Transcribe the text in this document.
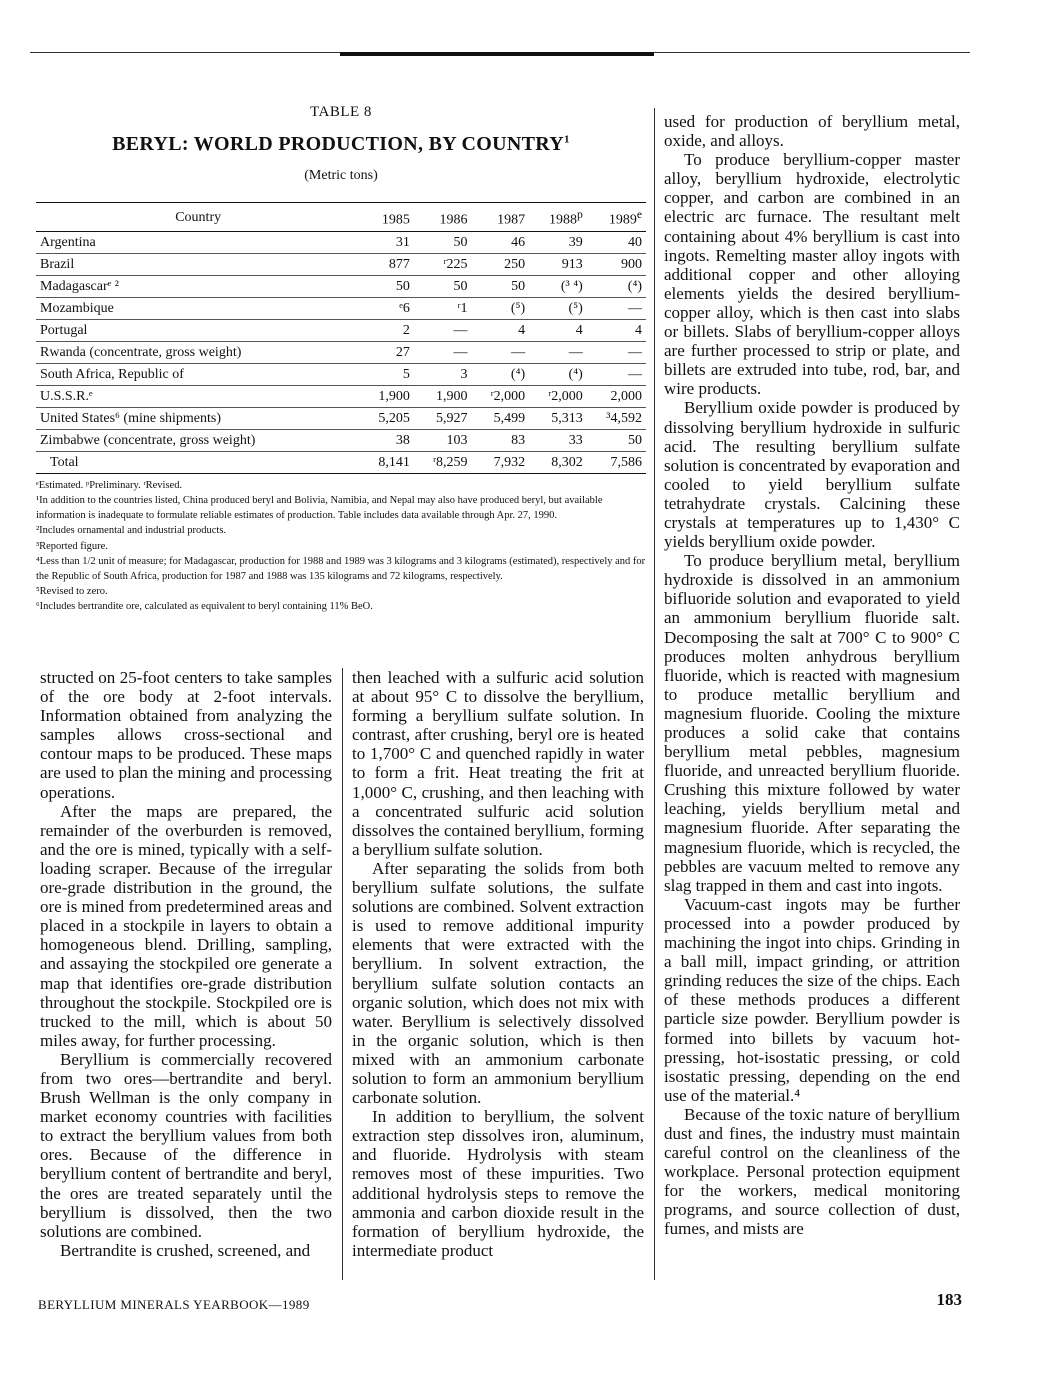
TABLE 8
BERYL: WORLD PRODUCTION, BY COUNTRY$^1$
(Metric tons)
Country	1985	1986	1987	1988$^p$	1989e
Argentina	31	50	46	39	40
Brazil	877	ʳ225	250	913	900
Madagascarᵉ ²	50	50	50	(³ ⁴)	(⁴)
Mozambique	ᵉ6	ʳ1	(⁵)	(⁵)	—
Portugal	2	—	4	4	4
Rwanda (concentrate, gross weight)	27	—	—	—	—
South Africa, Republic of	5	3	(⁴)	(⁴)	—
U.S.S.R.ᵉ	1,900	1,900	ʳ2,000	ʳ2,000	2,000
United States⁶ (mine shipments)	5,205	5,927	5,499	5,313	³4,592
Zimbabwe (concentrate, gross weight)	38	103	83	33	50
Total	8,141	ʳ8,259	7,932	8,302	7,586

ᵉEstimated. ᵖPreliminary. ʳRevised.

¹In addition to the countries listed, China produced beryl and Bolivia, Namibia, and Nepal may also have produced beryl, but available information is inadequate to formulate reliable estimates of production. Table includes data available through Apr. 27, 1990.

²Includes ornamental and industrial products.

³Reported figure.

⁴Less than 1/2 unit of measure; for Madagascar, production for 1988 and 1989 was 3 kilograms and 3 kilograms (estimated), respectively and for the Republic of South Africa, production for 1987 and 1988 was 135 kilograms and 72 kilograms, respectively.

⁵Revised to zero.

⁶Includes bertrandite ore, calculated as equivalent to beryl containing 11% BeO.

structed on 25-foot centers to take samples of the ore body at 2-foot intervals. Information obtained from analyzing the samples allows cross-sectional and contour maps to be produced. These maps are used to plan the mining and processing operations.

After the maps are prepared, the remainder of the overburden is removed, and the ore is mined, typically with a self-loading scraper. Because of the irregular ore-grade distribution in the ground, the ore is mined from predetermined areas and placed in a stockpile in layers to obtain a homogeneous blend. Drilling, sampling, and assaying the stockpiled ore generate a map that identifies ore-grade distribution throughout the stockpile. Stockpiled ore is trucked to the mill, which is about 50 miles away, for further processing.

Beryllium is commercially recovered from two ores—bertrandite and beryl. Brush Wellman is the only company in market economy countries with facilities to extract the beryllium values from both ores. Because of the difference in beryllium content of bertrandite and beryl, the ores are treated separately until the beryllium is dissolved, then the two solutions are combined.

Bertrandite is crushed, screened, and

then leached with a sulfuric acid solution at about 95° C to dissolve the beryllium, forming a beryllium sulfate solution. In contrast, after crushing, beryl ore is heated to 1,700° C and quenched rapidly in water to form a frit. Heat treating the frit at 1,000° C, crushing, and then leaching with a concentrated sulfuric acid solution dissolves the contained beryllium, forming a beryllium sulfate solution.

After separating the solids from both beryllium sulfate solutions, the sulfate solutions are combined. Solvent extraction is used to remove additional impurity elements that were extracted with the beryllium. In solvent extraction, the beryllium sulfate solution contacts an organic solution, which does not mix with water. Beryllium is selectively dissolved in the organic solution, which is then mixed with an ammonium carbonate solution to form an ammonium beryllium carbonate solution.

In addition to beryllium, the solvent extraction step dissolves iron, aluminum, and fluoride. Hydrolysis with steam removes most of these impurities. Two additional hydrolysis steps to remove the ammonia and carbon dioxide result in the formation of beryllium hydroxide, the intermediate product

used for production of beryllium metal, oxide, and alloys.

To produce beryllium-copper master alloy, beryllium hydroxide, electrolytic copper, and carbon are combined in an electric arc furnace. The resultant melt containing about 4% beryllium is cast into ingots. Remelting master alloy ingots with additional copper and other alloying elements yields the desired beryllium-copper alloy, which is then cast into slabs or billets. Slabs of beryllium-copper alloys are further processed to strip or plate, and billets are extruded into tube, rod, bar, and wire products.

Beryllium oxide powder is produced by dissolving beryllium hydroxide in sulfuric acid. The resulting beryllium sulfate solution is concentrated by evaporation and cooled to yield beryllium sulfate tetrahydrate crystals. Calcining these crystals at temperatures up to 1,430° C yields beryllium oxide powder.

To produce beryllium metal, beryllium hydroxide is dissolved in an ammonium bifluoride solution and evaporated to yield an ammonium beryllium fluoride salt. Decomposing the salt at 700° C to 900° C produces molten anhydrous beryllium fluoride, which is reacted with magnesium to produce metallic beryllium and magnesium fluoride. Cooling the mixture produces a solid cake that contains beryllium metal pebbles, magnesium fluoride, and unreacted beryllium fluoride. Crushing this mixture followed by water leaching, yields beryllium metal and magnesium fluoride. After separating the magnesium fluoride, which is recycled, the pebbles are vacuum melted to remove any slag trapped in them and cast into ingots.

Vacuum-cast ingots may be further processed into a powder produced by machining the ingot into chips. Grinding in a ball mill, impact grinding, or attrition grinding reduces the size of the chips. Each of these methods produces a different particle size powder. Beryllium powder is formed into billets by vacuum hot-pressing, hot-isostatic pressing, or cold isostatic pressing, depending on the end use of the material.⁴

Because of the toxic nature of beryllium dust and fines, the industry must maintain careful control on the cleanliness of the workplace. Personal protection equipment for the workers, medical monitoring programs, and source collection of dust, fumes, and mists are

BERYLLIUM MINERALS YEARBOOK—1989	183
